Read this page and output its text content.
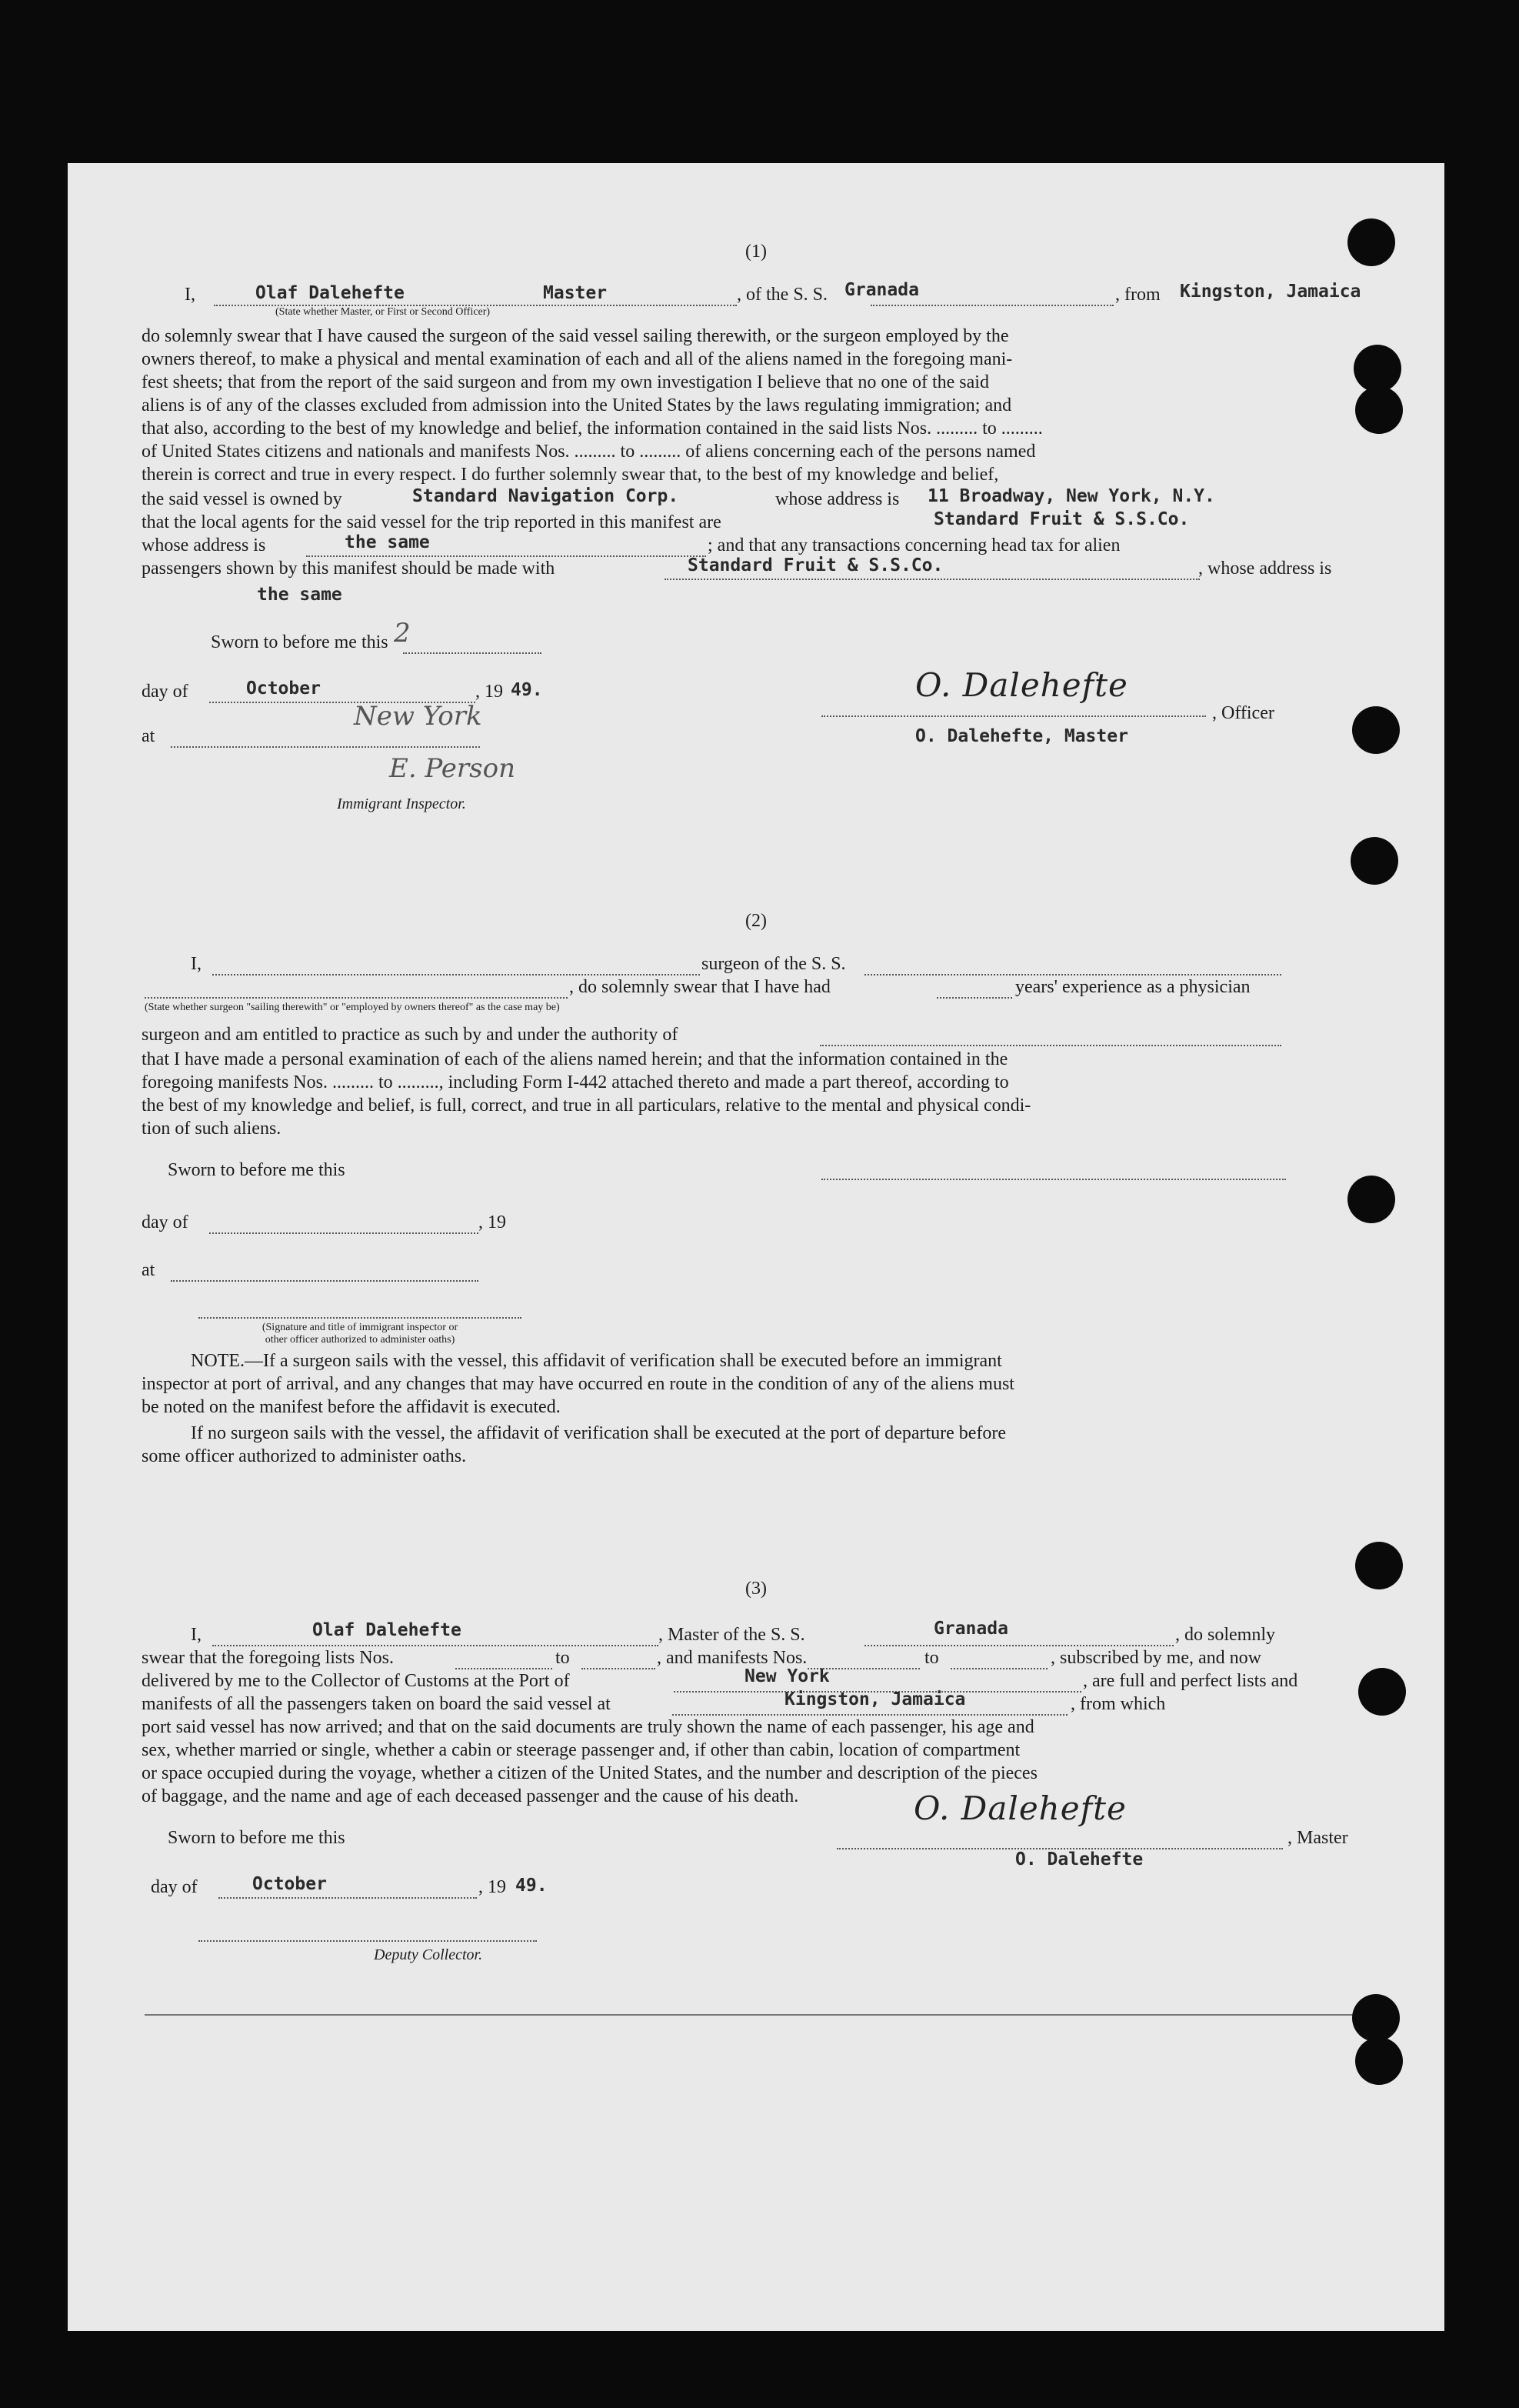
(1)
I,	Olaf Dalehefte	Master
(State whether Master, or First or Second Officer)
, of the S. S. Granada	, from Kingston, Jamaica
do solemnly swear that I have caused the surgeon of the said vessel sailing therewith, or the surgeon employed by the
owners thereof, to make a physical and mental examination of each and all of the aliens named in the foregoing mani-
fest sheets; that from the report of the said surgeon and from my own investigation I believe that no one of the said
aliens is of any of the classes excluded from admission into the United States by the laws regulating immigration; and
that also, according to the best of my knowledge and belief, the information contained in the said lists Nos. ......... to .........
of United States citizens and nationals and manifests Nos. ......... to ......... of aliens concerning each of the persons named
therein is correct and true in every respect. I do further solemnly swear that, to the best of my knowledge and belief,
the said vessel is owned by	Standard Navigation Corp.	whose address is 11 Broadway, New York, N.Y.
that the local agents for the said vessel for the trip reported in this manifest are	Standard Fruit & S.S.Co.
whose address is	the same	; and that any transactions concerning head tax for alien
passengers shown by this manifest should be made with	Standard Fruit & S.S.Co.	, whose address is
the same
Sworn to before me this 2
day of	October	, 19 49.
at
New York
E. Person
Immigrant Inspector.
O. Dalehefte
, Officer
O. Dalehefte, Master
(2)
I,	surgeon of the S. S.
, do solemnly swear that I have had	years' experience as a physician
(State whether surgeon "sailing therewith" or "employed by owners thereof" as the case may be)
surgeon and am entitled to practice as such by and under the authority of
that I have made a personal examination of each of the aliens named herein; and that the information contained in the
foregoing manifests Nos. ......... to ........., including Form I-442 attached thereto and made a part thereof, according to
the best of my knowledge and belief, is full, correct, and true in all particulars, relative to the mental and physical condi-
tion of such aliens.
Sworn to before me this
day of	, 19
at
(Signature and title of immigrant inspector or
other officer authorized to administer oaths)
NOTE.—If a surgeon sails with the vessel, this affidavit of verification shall be executed before an immigrant
inspector at port of arrival, and any changes that may have occurred en route in the condition of any of the aliens must
be noted on the manifest before the affidavit is executed.
If no surgeon sails with the vessel, the affidavit of verification shall be executed at the port of departure before
some officer authorized to administer oaths.
(3)
I,	Olaf Dalehefte	, Master of the S. S.	Granada	, do solemnly
swear that the foregoing lists Nos.	to	, and manifests Nos.	to	, subscribed by me, and now
delivered by me to the Collector of Customs at the Port of	New York	, are full and perfect lists and
manifests of all the passengers taken on board the said vessel at	Kingston, Jamaica	, from which
port said vessel has now arrived; and that on the said documents are truly shown the name of each passenger, his age and
sex, whether married or single, whether a cabin or steerage passenger and, if other than cabin, location of compartment
or space occupied during the voyage, whether a citizen of the United States, and the number and description of the pieces
of baggage, and the name and age of each deceased passenger and the cause of his death.
Sworn to before me this
O. Dalehefte
, Master
O. Dalehefte
day of	October	, 19 49.
Deputy Collector.
